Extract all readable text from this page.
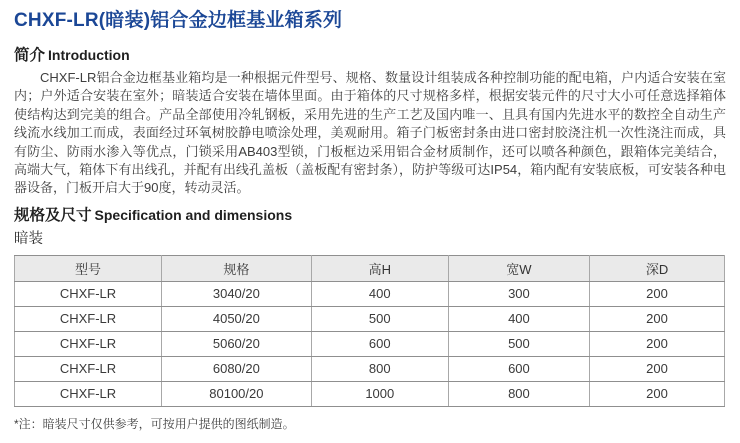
CHXF-LR(暗装)铝合金边框基业箱系列
简介 Introduction

CHXF-LR铝合金边框基业箱均是一种根据元件型号、规格、数量设计组装成各种控制功能的配电箱，户内适合安装在室内；户外适合安装在室外；暗装适合安装在墙体里面。由于箱体的尺寸规格多样，根据安装元件的尺寸大小可任意选择箱体使结构达到完美的组合。产品全部使用冷轧钢板，采用先进的生产工艺及国内唯一、且具有国内先进水平的数控全自动生产线流水线加工而成，表面经过环氧树胶静电喷涂处理，美观耐用。箱子门板密封条由进口密封胶浇注机一次性浇注而成，具有防尘、防雨水渗入等优点，门锁采用AB403型锁，门板框边采用铝合金材质制作，还可以喷各种颜色，跟箱体完美结合，高端大气，箱体下有出线孔，并配有出线孔盖板（盖板配有密封条），防护等级可达IP54，箱内配有安装底板，可安装各种电器设备，门板开启大于90度，转动灵活。

规格及尺寸 Specification and dimensions
暗装
型号	规格	高H	宽W	深D
CHXF-LR	3040/20	400	300	200
CHXF-LR	4050/20	500	400	200
CHXF-LR	5060/20	600	500	200
CHXF-LR	6080/20	800	600	200
CHXF-LR	80100/20	1000	800	200

*注：暗装尺寸仅供参考，可按用户提供的图纸制造。
